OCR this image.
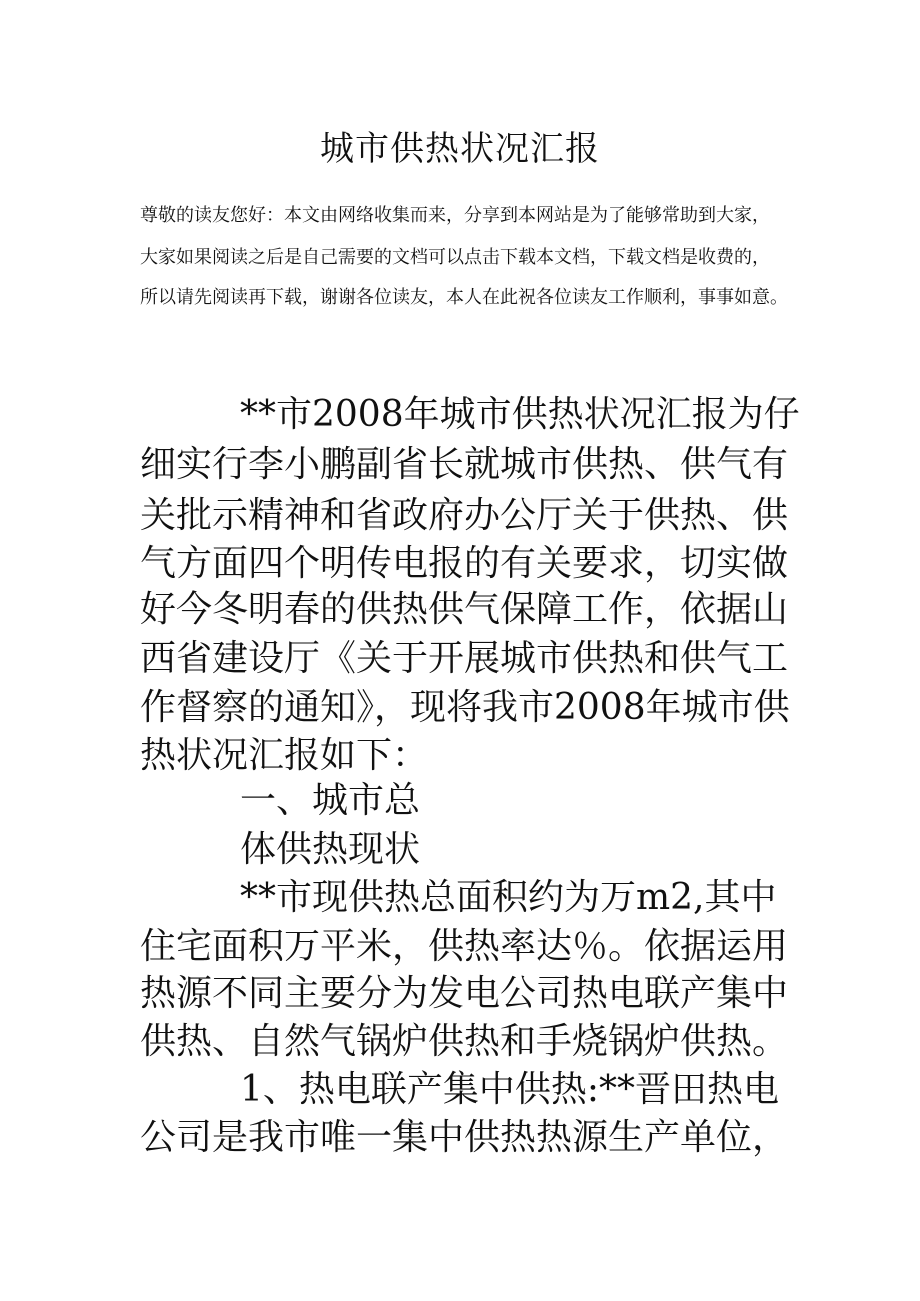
城市供热状况汇报
尊敬的读友您好：本文由网络收集而来，分享到本网站是为了能够常助到大家，
大家如果阅读之后是自己需要的文档可以点击下载本文档，下载文档是收费的，
所以请先阅读再下载，谢谢各位读友，本人在此祝各位读友工作顺利，事事如意。
**市2008年城市供热状况汇报为仔
细实行李小鹏副省长就城市供热、供气有
关批示精神和省政府办公厅关于供热、供
气方面四个明传电报的有关要求，切实做
好今冬明春的供热供气保障工作，依据山
西省建设厅《关于开展城市供热和供气工
作督察的通知》，现将我市2008年城市供
热状况汇报如下：
一、城市总
体供热现状
**市现供热总面积约为万m2,其中
住宅面积万平米，供热率达％。依据运用
热源不同主要分为发电公司热电联产集中
供热、自然气锅炉供热和手烧锅炉供热。
1、热电联产集中供热:**晋田热电
公司是我市唯一集中供热热源生产单位，
